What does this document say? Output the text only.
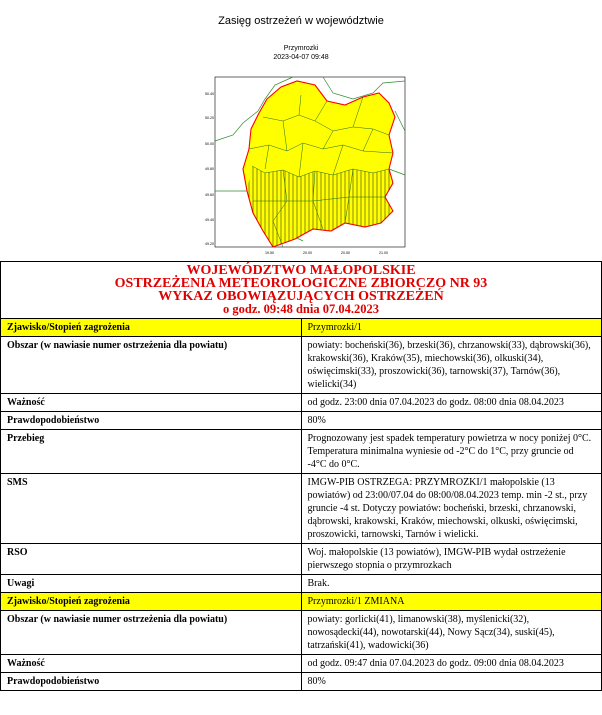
Zasięg ostrzeżeń w województwie
Przymrozki
2023-04-07 09:48
50.40
50.20
50.00
49.80
49.60
49.40
49.20
19.50	20.00	20.50	21.00
WOJEWÓDZTWO MAŁOPOLSKIE
OSTRZEŻENIA METEOROLOGICZNE ZBIORCZO NR 93
WYKAZ OBOWIĄZUJĄCYCH OSTRZEŻEŃ
o godz. 09:48 dnia 07.04.2023	

Zjawisko/Stopień zagrożenia	Przymrozki/1
Obszar (w nawiasie numer ostrzeżenia dla powiatu)	powiaty: bocheński(36), brzeski(36), chrzanowski(33), dąbrowski(36), krakowski(36), Kraków(35), miechowski(36), olkuski(34), oświęcimski(33), proszowicki(36), tarnowski(37), Tarnów(36), wielicki(34)
Ważność	od godz. 23:00 dnia 07.04.2023 do godz. 08:00 dnia 08.04.2023
Prawdopodobieństwo	80%
Przebieg	Prognozowany jest spadek temperatury powietrza w nocy poniżej 0°C. Temperatura minimalna wyniesie od -2°C do 1°C, przy gruncie od -4°C do 0°C.
SMS	IMGW-PIB OSTRZEGA: PRZYMROZKI/1 małopolskie (13 powiatów) od 23:00/07.04 do 08:00/08.04.2023 temp. min -2 st., przy gruncie -4 st. Dotyczy powiatów: bocheński, brzeski, chrzanowski, dąbrowski, krakowski, Kraków, miechowski, olkuski, oświęcimski, proszowicki, tarnowski, Tarnów i wielicki.
RSO	Woj. małopolskie (13 powiatów), IMGW-PIB wydał ostrzeżenie pierwszego stopnia o przymrozkach
Uwagi	Brak.
Zjawisko/Stopień zagrożenia	Przymrozki/1 ZMIANA
Obszar (w nawiasie numer ostrzeżenia dla powiatu)	powiaty: gorlicki(41), limanowski(38), myślenicki(32), nowosądecki(44), nowotarski(44), Nowy Sącz(34), suski(45), tatrzański(41), wadowicki(36)
Ważność	od godz. 09:47 dnia 07.04.2023 do godz. 09:00 dnia 08.04.2023
Prawdopodobieństwo	80%
